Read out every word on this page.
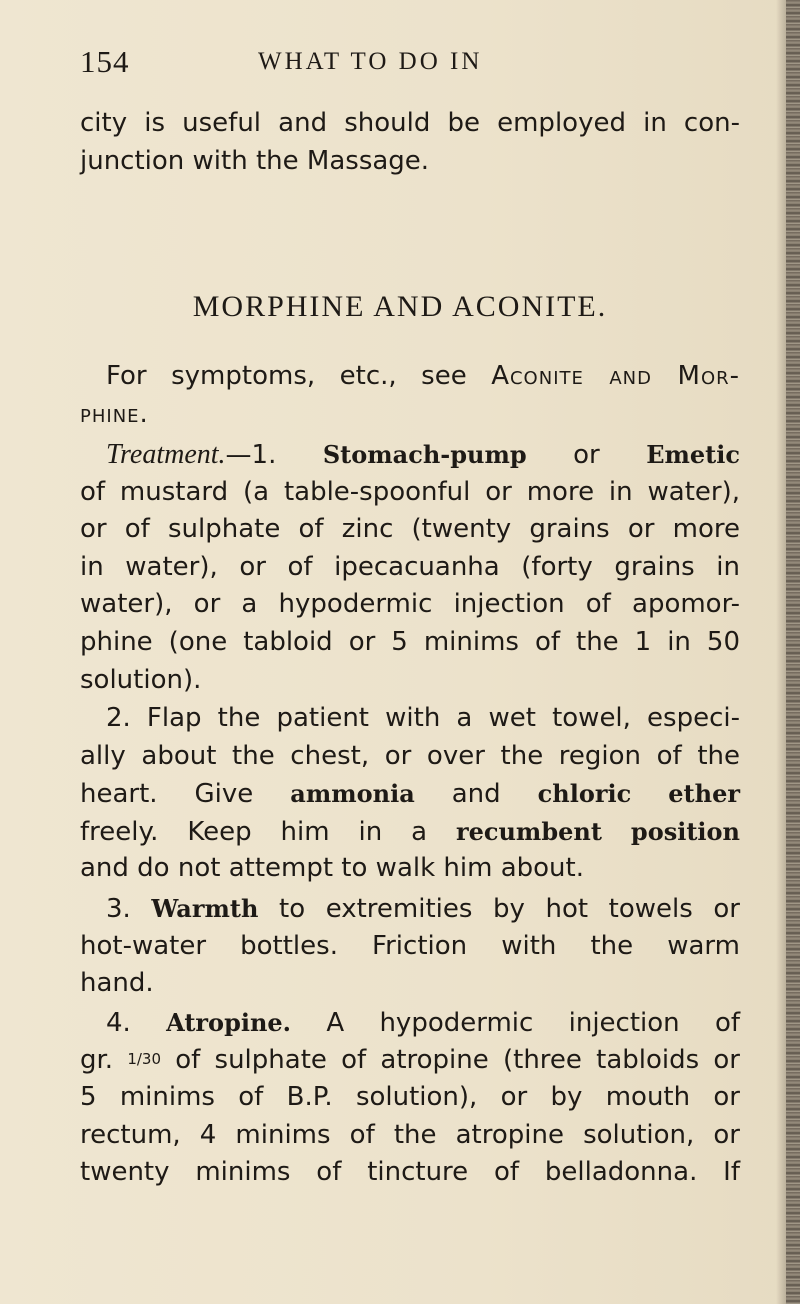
154	WHAT TO DO IN
city is useful and should be employed in con-
junction with the Massage.
MORPHINE AND ACONITE.
For symptoms, etc., see Aconite and Mor-
phine.
Treatment.—1. Stomach-pump or Emetic
of mustard (a table-spoonful or more in water),
or of sulphate of zinc (twenty grains or more
in water), or of ipecacuanha (forty grains in
water), or a hypodermic injection of apomor-
phine (one tabloid or 5 minims of the 1 in 50
solution).
2. Flap the patient with a wet towel, especi-
ally about the chest, or over the region of the
heart. Give ammonia and chloric ether
freely. Keep him in a recumbent position
and do not attempt to walk him about.
3. Warmth to extremities by hot towels or
hot-water bottles. Friction with the warm
hand.
4. Atropine. A hypodermic injection of
gr. 1/30 of sulphate of atropine (three tabloids or
5 minims of B.P. solution), or by mouth or
rectum, 4 minims of the atropine solution, or
twenty minims of tincture of belladonna. If
